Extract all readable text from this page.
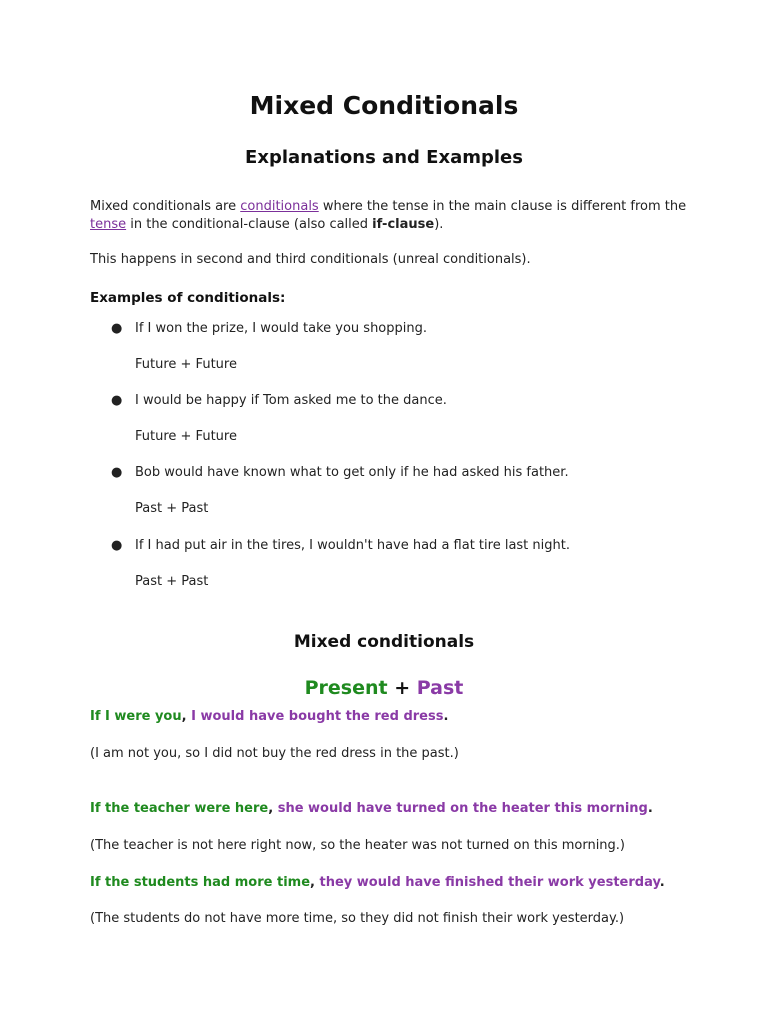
Mixed Conditionals
Explanations and Examples
Mixed conditionals are conditionals where the tense in the main clause is different from the
tense in the conditional-clause (also called if-clause).
This happens in second and third conditionals (unreal conditionals).
Examples of conditionals:
● If I won the prize, I would take you shopping.
Future + Future
● I would be happy if Tom asked me to the dance.
Future + Future
● Bob would have known what to get only if he had asked his father.
Past + Past
● If I had put air in the tires, I wouldn't have had a flat tire last night.
Past + Past
Mixed conditionals
Present + Past
If I were you, I would have bought the red dress.
(I am not you, so I did not buy the red dress in the past.)
If the teacher were here, she would have turned on the heater this morning.
(The teacher is not here right now, so the heater was not turned on this morning.)
If the students had more time, they would have finished their work yesterday.
(The students do not have more time, so they did not finish their work yesterday.)
